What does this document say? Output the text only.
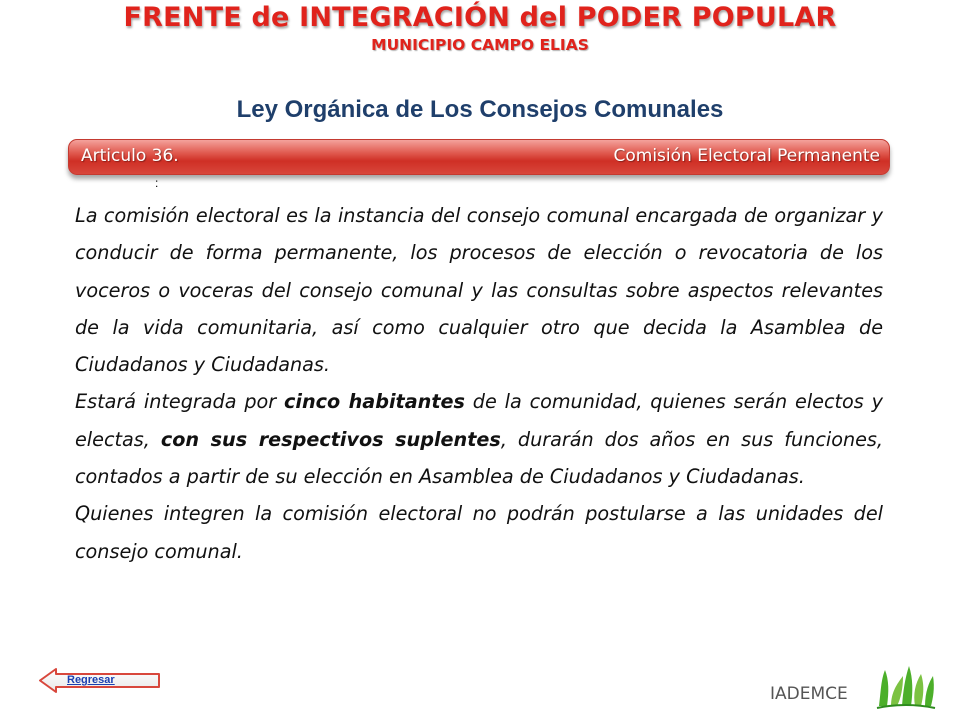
FRENTE de INTEGRACIÓN del PODER POPULAR
MUNICIPIO CAMPO ELIAS
Ley Orgánica de Los Consejos Comunales
Articulo 36.	Comisión Electoral Permanente
:

La comisión electoral es la instancia del consejo comunal encargada de organizar y conducir de forma permanente, los procesos de elección o revocatoria de los voceros o voceras del consejo comunal y las consultas sobre aspectos relevantes de la vida comunitaria, así como cualquier otro que decida la Asamblea de Ciudadanos y Ciudadanas.

Estará integrada por cinco habitantes de la comunidad, quienes serán electos y electas, con sus respectivos suplentes, durarán dos años en sus funciones, contados a partir de su elección en Asamblea de Ciudadanos y Ciudadanas.

Quienes integren la comisión electoral no podrán postularse a las unidades del consejo comunal.

Regresar
IADEMCE
